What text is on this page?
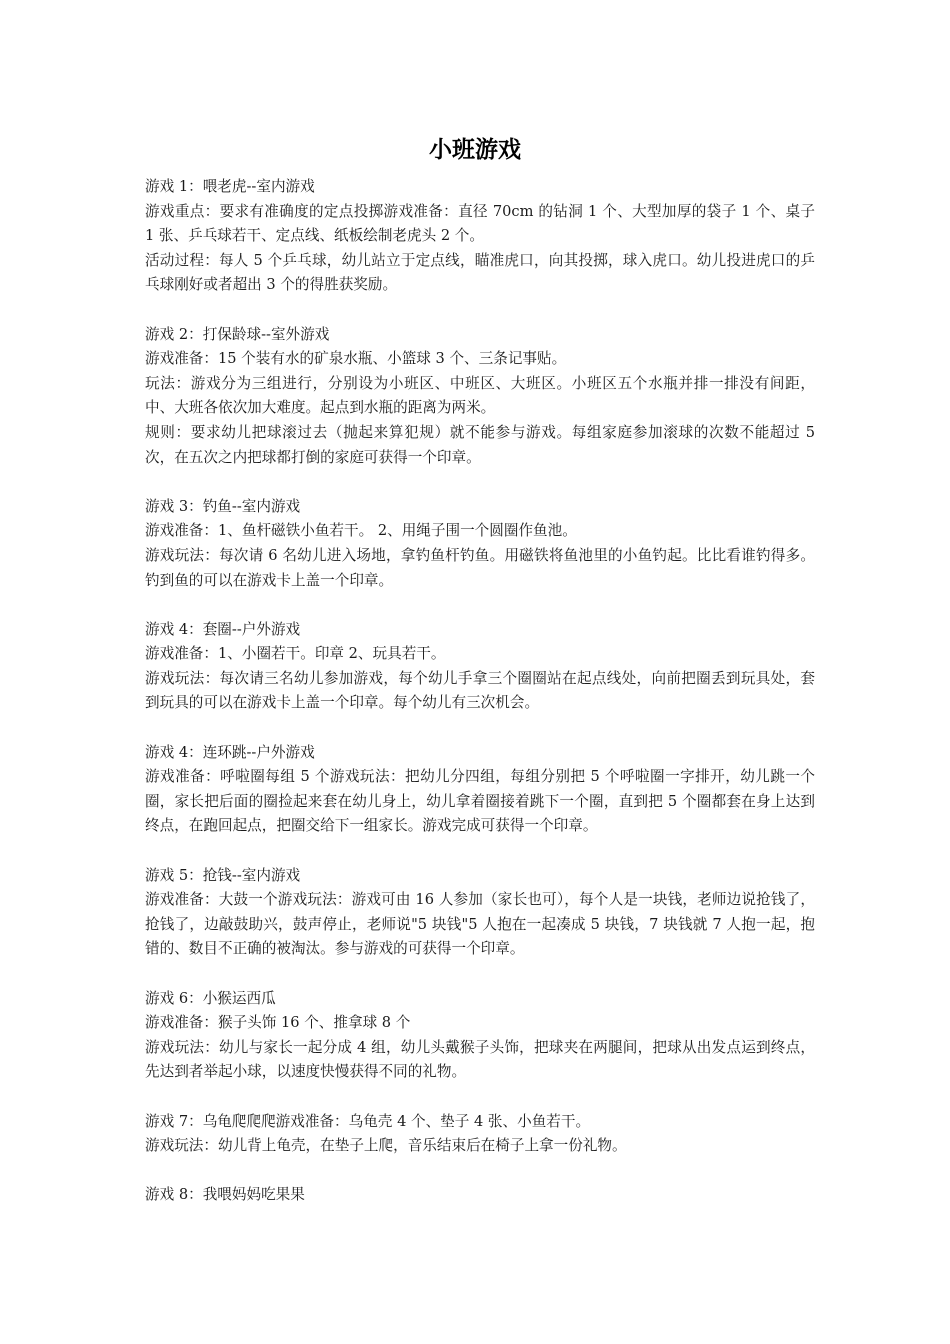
小班游戏

游戏 1：喂老虎--室内游戏

游戏重点：要求有准确度的定点投掷游戏准备：直径 70cm 的钻洞 1 个、大型加厚的袋子 1 个、桌子 1 张、乒乓球若干、定点线、纸板绘制老虎头 2 个。

活动过程：每人 5 个乒乓球，幼儿站立于定点线，瞄准虎口，向其投掷，球入虎口。幼儿投进虎口的乒乓球刚好或者超出 3 个的得胜获奖励。

游戏 2：打保龄球--室外游戏

游戏准备：15 个装有水的矿泉水瓶、小篮球 3 个、三条记事贴。

玩法：游戏分为三组进行，分别设为小班区、中班区、大班区。小班区五个水瓶并排一排没有间距，中、大班各依次加大难度。起点到水瓶的距离为两米。

规则：要求幼儿把球滚过去（抛起来算犯规）就不能参与游戏。每组家庭参加滚球的次数不能超过 5 次，在五次之内把球都打倒的家庭可获得一个印章。

游戏 3：钓鱼--室内游戏

游戏准备：1、鱼杆磁铁小鱼若干。 2、用绳子围一个圆圈作鱼池。

游戏玩法：每次请 6 名幼儿进入场地，拿钓鱼杆钓鱼。用磁铁将鱼池里的小鱼钓起。比比看谁钓得多。钓到鱼的可以在游戏卡上盖一个印章。

游戏 4：套圈--户外游戏

游戏准备：1、小圈若干。印章 2、玩具若干。

游戏玩法：每次请三名幼儿参加游戏，每个幼儿手拿三个圈圈站在起点线处，向前把圈丢到玩具处，套到玩具的可以在游戏卡上盖一个印章。每个幼儿有三次机会。

游戏 4：连环跳--户外游戏

游戏准备：呼啦圈每组 5 个游戏玩法：把幼儿分四组，每组分别把 5 个呼啦圈一字排开，幼儿跳一个圈，家长把后面的圈捡起来套在幼儿身上，幼儿拿着圈接着跳下一个圈，直到把 5 个圈都套在身上达到终点，在跑回起点，把圈交给下一组家长。游戏完成可获得一个印章。

游戏 5：抢钱--室内游戏

游戏准备：大鼓一个游戏玩法：游戏可由 16 人参加（家长也可），每个人是一块钱，老师边说抢钱了，抢钱了，边敲鼓助兴，鼓声停止，老师说"5 块钱"5 人抱在一起凑成 5 块钱，7 块钱就 7 人抱一起，抱错的、数目不正确的被淘汰。参与游戏的可获得一个印章。

游戏 6：小猴运西瓜

游戏准备：猴子头饰 16 个、推拿球 8 个

游戏玩法：幼儿与家长一起分成 4 组，幼儿头戴猴子头饰，把球夹在两腿间，把球从出发点运到终点，先达到者举起小球，以速度快慢获得不同的礼物。

游戏 7：乌龟爬爬爬游戏准备：乌龟壳 4 个、垫子 4 张、小鱼若干。

游戏玩法：幼儿背上龟壳，在垫子上爬，音乐结束后在椅子上拿一份礼物。

游戏 8：我喂妈妈吃果果
